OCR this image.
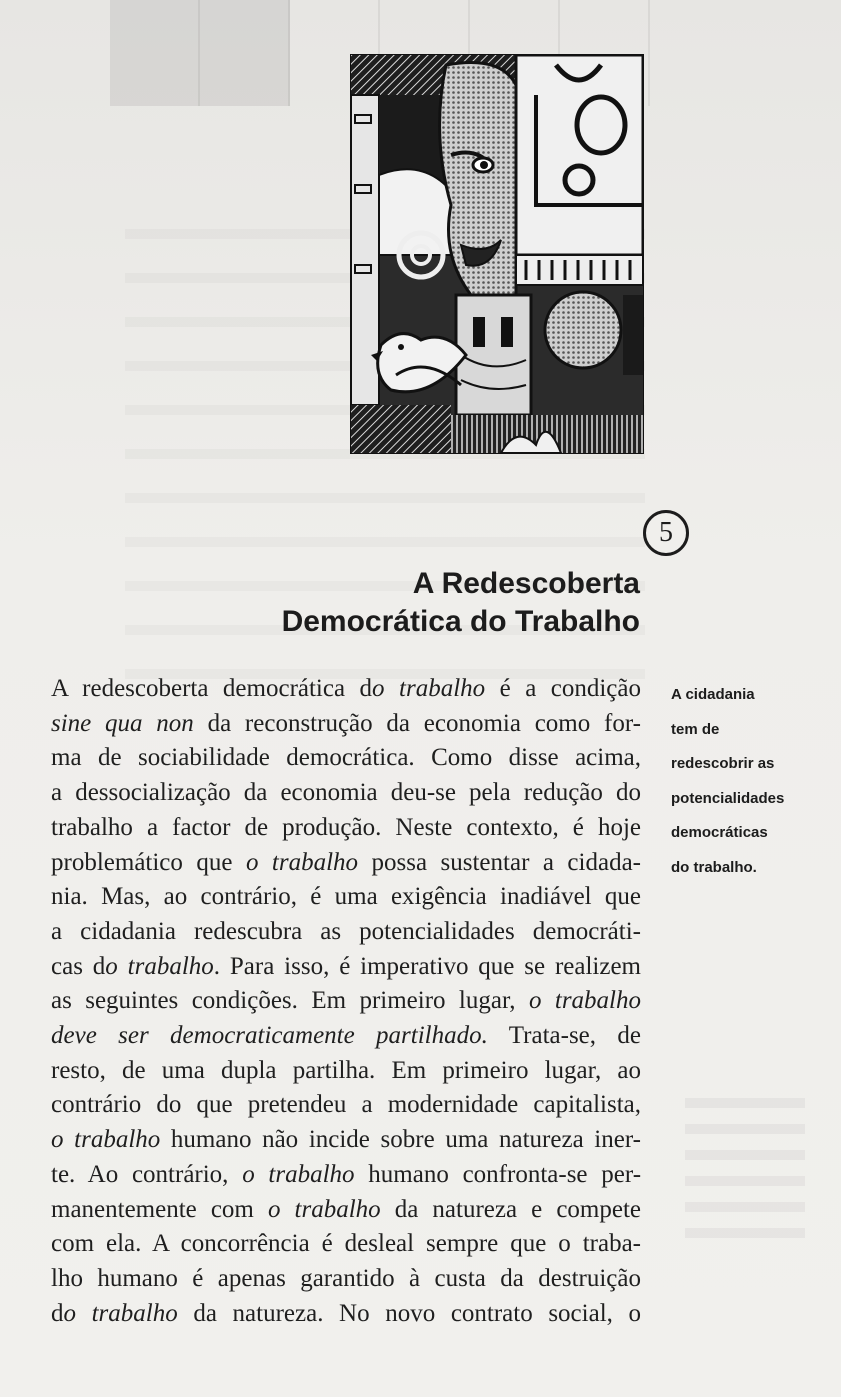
5
A Redescoberta
Democrática do Trabalho
A redescoberta democrática do trabalho é a condição
sine qua non da reconstrução da economia como for-
ma de sociabilidade democrática. Como disse acima,
a dessocialização da economia deu-se pela redução do
trabalho a factor de produção. Neste contexto, é hoje
problemático que o trabalho possa sustentar a cidada-
nia. Mas, ao contrário, é uma exigência inadiável que
a cidadania redescubra as potencialidades democráti-
cas do trabalho. Para isso, é imperativo que se realizem
as seguintes condições. Em primeiro lugar, o trabalho
deve ser democraticamente partilhado. Trata-se, de
resto, de uma dupla partilha. Em primeiro lugar, ao
contrário do que pretendeu a modernidade capitalista,
o trabalho humano não incide sobre uma natureza iner-
te. Ao contrário, o trabalho humano confronta-se per-
manentemente com o trabalho da natureza e compete
com ela. A concorrência é desleal sempre que o traba-
lho humano é apenas garantido à custa da destruição
do trabalho da natureza. No novo contrato social, o
A cidadania
tem de
redescobrir as
potencialidades
democráticas
do trabalho.
